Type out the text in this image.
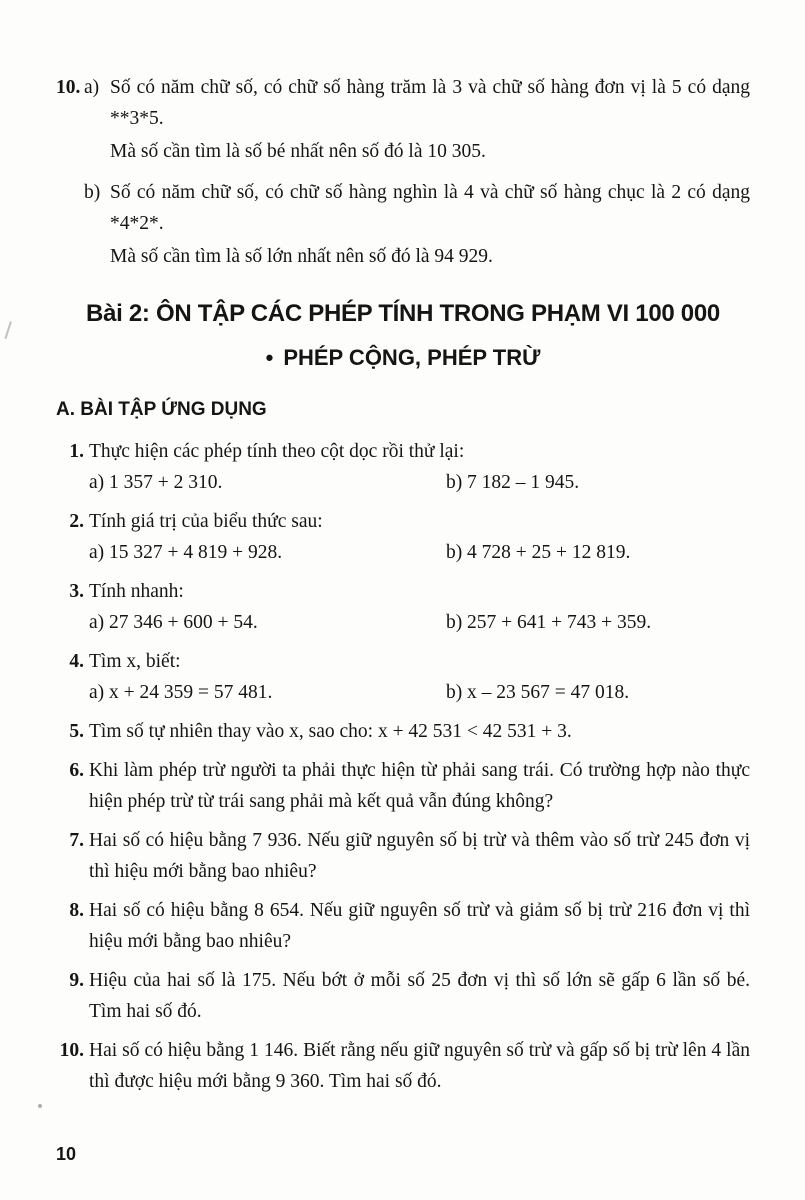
10. a) Số có năm chữ số, có chữ số hàng trăm là 3 và chữ số hàng đơn vị là 5 có dạng **3*5.

Mà số cần tìm là số bé nhất nên số đó là 10 305.

b) Số có năm chữ số, có chữ số hàng nghìn là 4 và chữ số hàng chục là 2 có dạng *4*2*.

Mà số cần tìm là số lớn nhất nên số đó là 94 929.

Bài 2: ÔN TẬP CÁC PHÉP TÍNH TRONG PHẠM VI 100 000
• PHÉP CỘNG, PHÉP TRỪ
A. BÀI TẬP ỨNG DỤNG
1. Thực hiện các phép tính theo cột dọc rồi thử lại:

a) 1 357 + 2 310.	b) 7 182 – 1 945.
2. Tính giá trị của biểu thức sau:

a) 15 327 + 4 819 + 928.	b) 4 728 + 25 + 12 819.
3. Tính nhanh:

a) 27 346 + 600 + 54.	b) 257 + 641 + 743 + 359.
4. Tìm x, biết:

a) x + 24 359 = 57 481.	b) x – 23 567 = 47 018.
5. Tìm số tự nhiên thay vào x, sao cho: x + 42 531 < 42 531 + 3.

6. Khi làm phép trừ người ta phải thực hiện từ phải sang trái. Có trường hợp nào thực hiện phép trừ từ trái sang phải mà kết quả vẫn đúng không?

7. Hai số có hiệu bằng 7 936. Nếu giữ nguyên số bị trừ và thêm vào số trừ 245 đơn vị thì hiệu mới bằng bao nhiêu?

8. Hai số có hiệu bằng 8 654. Nếu giữ nguyên số trừ và giảm số bị trừ 216 đơn vị thì hiệu mới bằng bao nhiêu?

9. Hiệu của hai số là 175. Nếu bớt ở mỗi số 25 đơn vị thì số lớn sẽ gấp 6 lần số bé. Tìm hai số đó.

10. Hai số có hiệu bằng 1 146. Biết rằng nếu giữ nguyên số trừ và gấp số bị trừ lên 4 lần thì được hiệu mới bằng 9 360. Tìm hai số đó.

10
